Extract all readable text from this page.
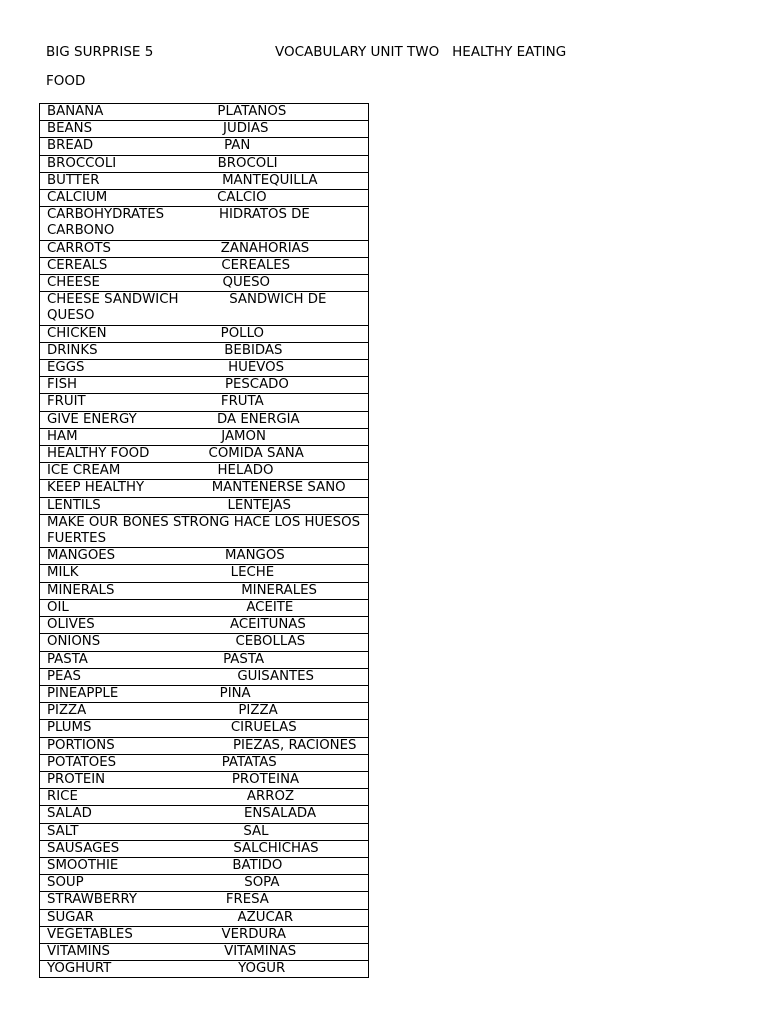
BIG SURPRISE 5	VOCABULARY UNIT TWO   HEALTHY EATING
FOOD
BANANA                           PLATANOS
BEANS                               JUDIAS
BREAD                               PAN
BROCCOLI                        BROCOLI
BUTTER                             MANTEQUILLA
CALCIUM                          CALCIO
CARBOHYDRATES             HIDRATOS DE CARBONO
CARROTS                          ZANAHORIAS
CEREALS                           CEREALES
CHEESE                             QUESO
CHEESE SANDWICH            SANDWICH DE QUESO
CHICKEN                           POLLO
DRINKS                              BEBIDAS
EGGS                                  HUEVOS
FISH                                   PESCADO
FRUIT                                FRUTA
GIVE ENERGY                   DA ENERGÍA
HAM                                  JAMÓN
HEALTHY FOOD              COMIDA SANA
ICE CREAM                       HELADO
KEEP HEALTHY                MANTENERSE SANO
LENTILS                              LENTEJAS
MAKE OUR BONES STRONG HACE LOS HUESOS FUERTES
MANGOES                          MANGOS
MILK                                    LECHE
MINERALS                              MINERALES
OIL                                          ACEITE
OLIVES                                ACEITUNAS
ONIONS                                CEBOLLAS
PASTA                                PASTA
PEAS                                     GUISANTES
PINEAPPLE                        PIÑA
PIZZA                                    PIZZA
PLUMS                                 CIRUELAS
PORTIONS                            PIEZAS, RACIONES
POTATOES                         PATATAS
PROTEIN                              PROTEINA
RICE                                        ARROZ
SALAD                                    ENSALADA
SALT                                       SAL
SAUSAGES                           SALCHICHAS
SMOOTHIE                           BATIDO
SOUP                                      SOPA
STRAWBERRY                     FRESA
SUGAR                                  AZÚCAR
VEGETABLES                     VERDURA
VITAMINS                           VITAMINAS
YOGHURT                              YOGUR
